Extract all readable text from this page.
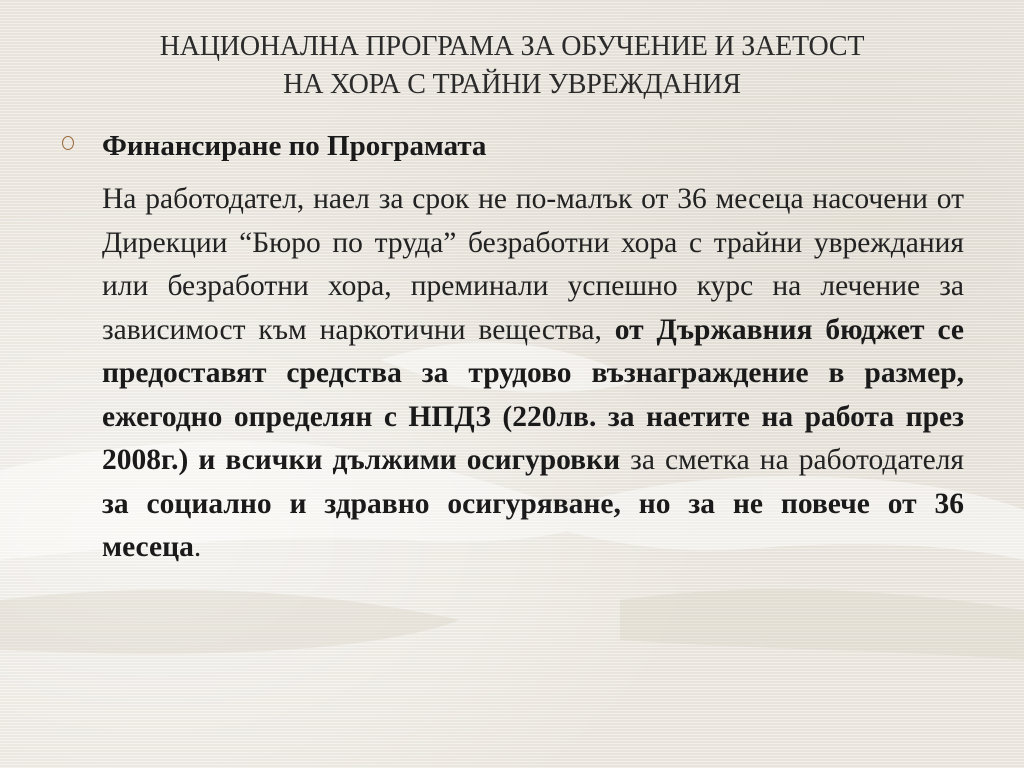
НАЦИОНАЛНА ПРОГРАМА ЗА ОБУЧЕНИЕ И ЗАЕТОСТ
НА ХОРА С ТРАЙНИ УВРЕЖДАНИЯ
Финансиране по Програмата

На работодател, наел за срок не по-малък от 36 месеца насочени от Дирекции “Бюро по труда” безработни хора с трайни увреждания или безработни хора, преминали успешно курс на лечение за зависимост към наркотични вещества, от Държавния бюджет се предоставят средства за трудово възнаграждение в размер, ежегодно определян с НПДЗ (220лв. за наетите на работа през 2008г.) и всички дължими осигуровки за сметка на работодателя за социално и здравно осигуряване, но за не повече от 36 месеца.
